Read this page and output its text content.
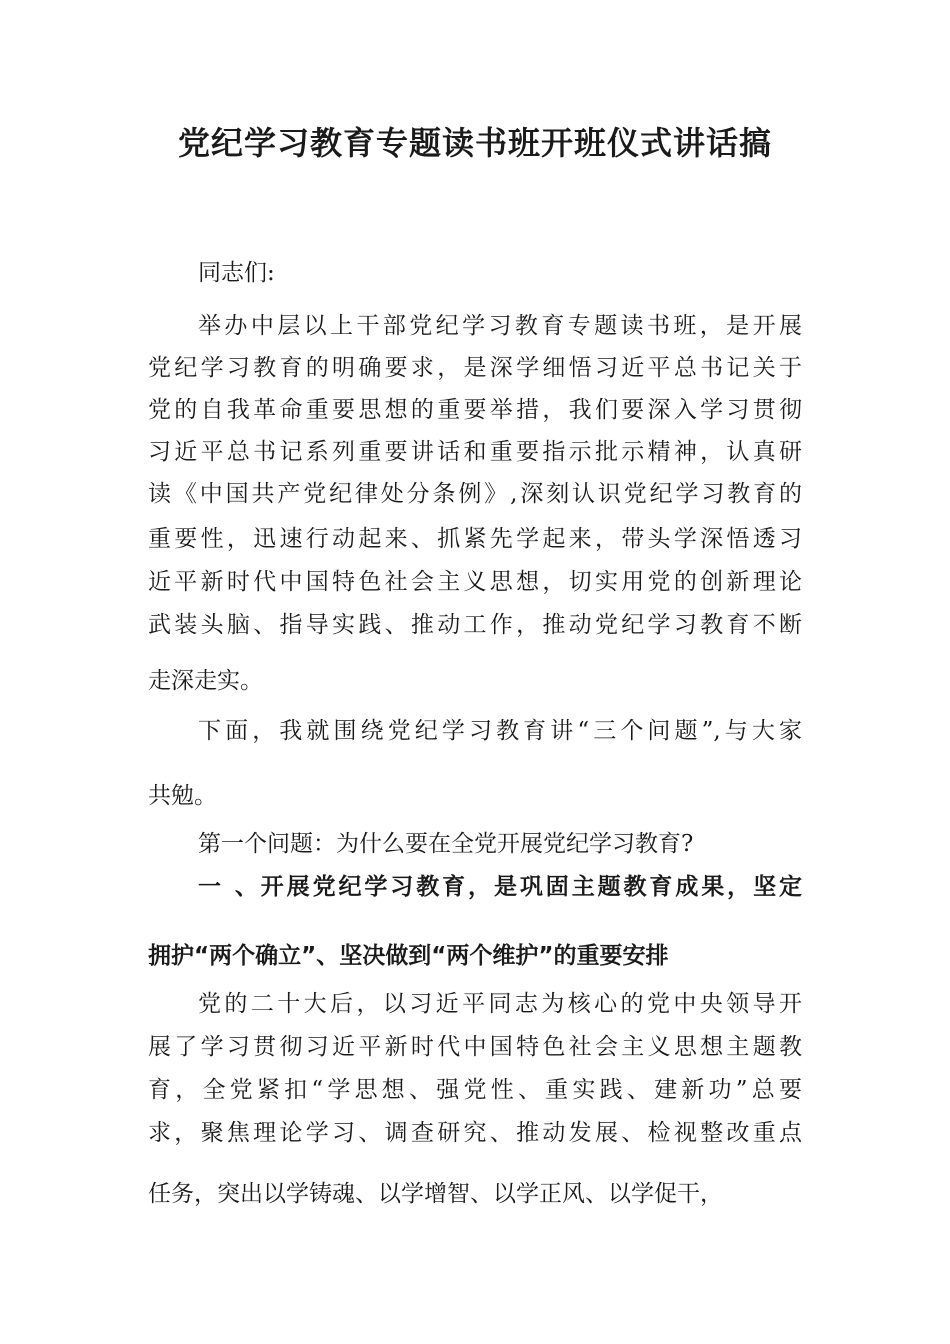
党纪学习教育专题读书班开班仪式讲话搞
同志们:
举办中层以上干部党纪学习教育专题读书班，是开展
党纪学习教育的明确要求，是深学细悟习近平总书记关于
党的自我革命重要思想的重要举措，我们要深入学习贯彻
习近平总书记系列重要讲话和重要指示批示精神，认真研
读《中国共产党纪律处分条例》,深刻认识党纪学习教育的
重要性，迅速行动起来、抓紧先学起来，带头学深悟透习
近平新时代中国特色社会主义思想，切实用党的创新理论
武装头脑、指导实践、推动工作，推动党纪学习教育不断
走深走实。
下面，我就围绕党纪学习教育讲“三个问题”,与大家
共勉。
第一个问题：为什么要在全党开展党纪学习教育?
一 、开展党纪学习教育，是巩固主题教育成果，坚定
拥护“两个确立”、坚决做到“两个维护”的重要安排
党的二十大后，以习近平同志为核心的党中央领导开
展了学习贯彻习近平新时代中国特色社会主义思想主题教
育，全党紧扣“学思想、强党性、重实践、建新功”总要
求，聚焦理论学习、调查研究、推动发展、检视整改重点
任务，突出以学铸魂、以学增智、以学正风、以学促干，
